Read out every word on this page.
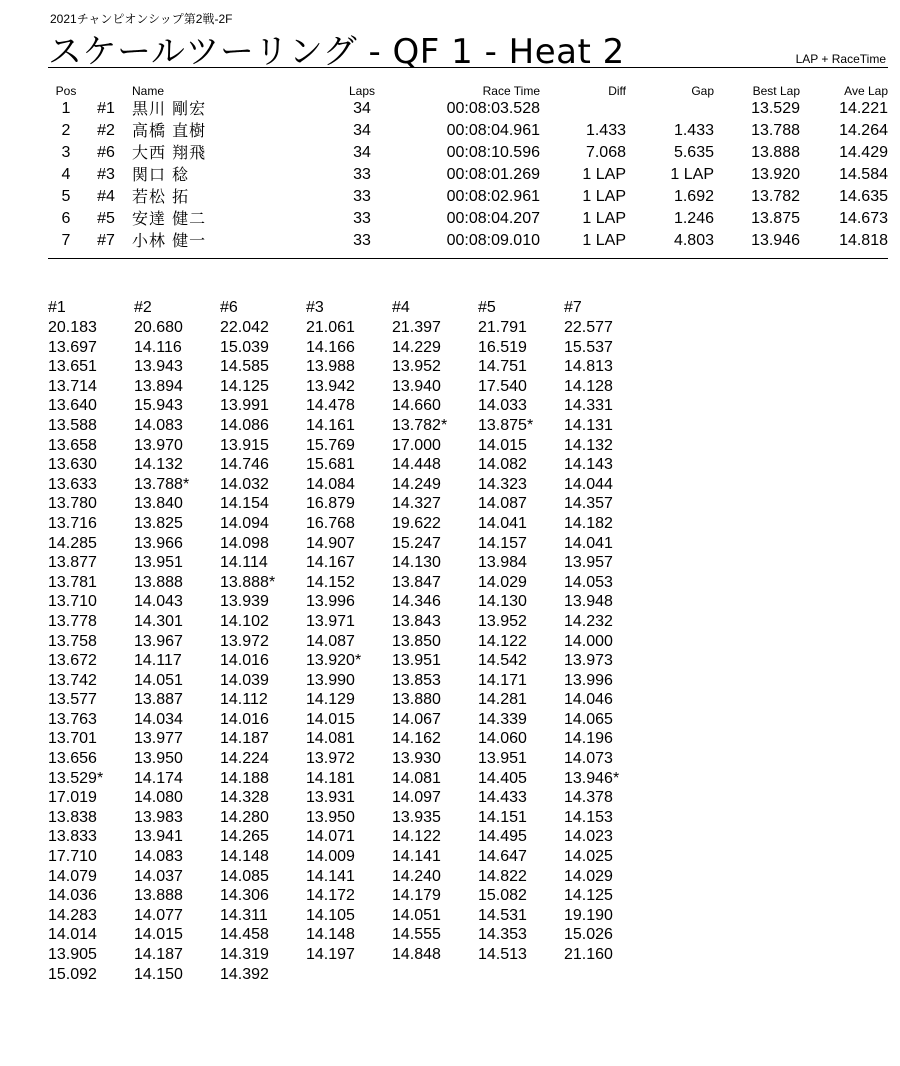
2021チャンピオンシップ第2戦-2F
スケールツーリング - QF 1 - Heat 2	LAP + RaceTime
Pos		Name	Laps	Race Time	Diff	Gap	Best Lap	Ave Lap
1	#1	黒川 剛宏	34	00:08:03.528			13.529	14.221
2	#2	高橋 直樹	34	00:08:04.961	1.433	1.433	13.788	14.264
3	#6	大西 翔飛	34	00:08:10.596	7.068	5.635	13.888	14.429
4	#3	関口 稔	33	00:08:01.269	1 LAP	1 LAP	13.920	14.584
5	#4	若松 拓	33	00:08:02.961	1 LAP	1.692	13.782	14.635
6	#5	安達 健二	33	00:08:04.207	1 LAP	1.246	13.875	14.673
7	#7	小林 健一	33	00:08:09.010	1 LAP	4.803	13.946	14.818
#1	#2	#6	#3	#4	#5	#7
20.183	20.680	22.042	21.061	21.397	21.791	22.577
13.697	14.116	15.039	14.166	14.229	16.519	15.537
13.651	13.943	14.585	13.988	13.952	14.751	14.813
13.714	13.894	14.125	13.942	13.940	17.540	14.128
13.640	15.943	13.991	14.478	14.660	14.033	14.331
13.588	14.083	14.086	14.161	13.782*	13.875*	14.131
13.658	13.970	13.915	15.769	17.000	14.015	14.132
13.630	14.132	14.746	15.681	14.448	14.082	14.143
13.633	13.788*	14.032	14.084	14.249	14.323	14.044
13.780	13.840	14.154	16.879	14.327	14.087	14.357
13.716	13.825	14.094	16.768	19.622	14.041	14.182
14.285	13.966	14.098	14.907	15.247	14.157	14.041
13.877	13.951	14.114	14.167	14.130	13.984	13.957
13.781	13.888	13.888*	14.152	13.847	14.029	14.053
13.710	14.043	13.939	13.996	14.346	14.130	13.948
13.778	14.301	14.102	13.971	13.843	13.952	14.232
13.758	13.967	13.972	14.087	13.850	14.122	14.000
13.672	14.117	14.016	13.920*	13.951	14.542	13.973
13.742	14.051	14.039	13.990	13.853	14.171	13.996
13.577	13.887	14.112	14.129	13.880	14.281	14.046
13.763	14.034	14.016	14.015	14.067	14.339	14.065
13.701	13.977	14.187	14.081	14.162	14.060	14.196
13.656	13.950	14.224	13.972	13.930	13.951	14.073
13.529*	14.174	14.188	14.181	14.081	14.405	13.946*
17.019	14.080	14.328	13.931	14.097	14.433	14.378
13.838	13.983	14.280	13.950	13.935	14.151	14.153
13.833	13.941	14.265	14.071	14.122	14.495	14.023
17.710	14.083	14.148	14.009	14.141	14.647	14.025
14.079	14.037	14.085	14.141	14.240	14.822	14.029
14.036	13.888	14.306	14.172	14.179	15.082	14.125
14.283	14.077	14.311	14.105	14.051	14.531	19.190
14.014	14.015	14.458	14.148	14.555	14.353	15.026
13.905	14.187	14.319	14.197	14.848	14.513	21.160
15.092	14.150	14.392				
